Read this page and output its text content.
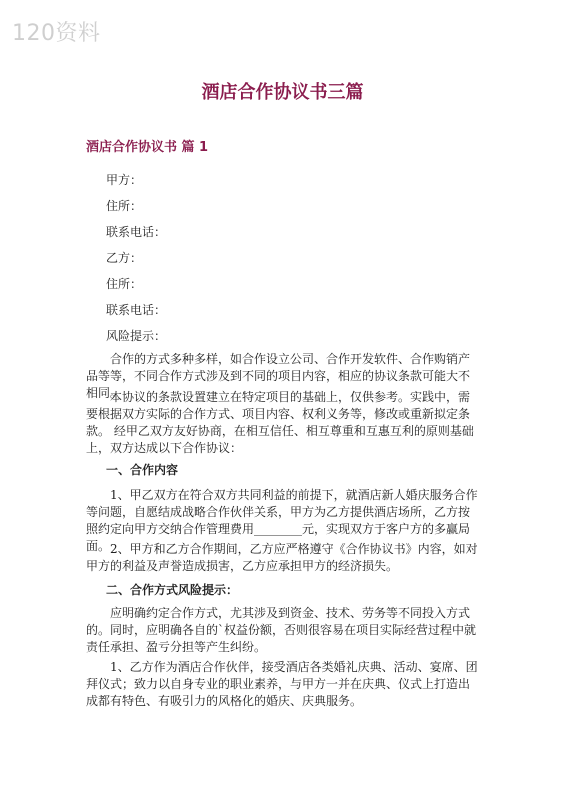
120资料
酒店合作协议书三篇
酒店合作协议书 篇 1
甲方：
住所：
联系电话：
乙方：
住所：
联系电话：
风险提示：
合作的方式多种多样，如合作设立公司、合作开发软件、合作购销产品等等，不同合作方式涉及到不同的项目内容，相应的协议条款可能大不相同。
本协议的条款设置建立在特定项目的基础上，仅供参考。实践中，需要根据双方实际的合作方式、项目内容、权利义务等，修改或重新拟定条款。 经甲乙双方友好协商，在相互信任、相互尊重和互惠互利的原则基础上，双方达成以下合作协议：
一、合作内容
1、甲乙双方在符合双方共同利益的前提下，就酒店新人婚庆服务合作等问题，自愿结成战略合作伙伴关系，甲方为乙方提供酒店场所，乙方按照约定向甲方交纳合作管理费用________元，实现双方于客户方的多赢局面。 2、甲方和乙方合作期间，乙方应严格遵守《合作协议书》内容，如对甲方的利益及声誉造成损害，乙方应承担甲方的经济损失。
二、合作方式风险提示：
应明确约定合作方式，尤其涉及到资金、技术、劳务等不同投入方式的。同时，应明确各自的`权益份额，否则很容易在项目实际经营过程中就责任承担、盈亏分担等产生纠纷。
1、乙方作为酒店合作伙伴，接受酒店各类婚礼庆典、活动、宴席、团拜仪式；致力以自身专业的职业素养，与甲方一并在庆典、仪式上打造出成都有特色、有吸引力的风格化的婚庆、庆典服务。
